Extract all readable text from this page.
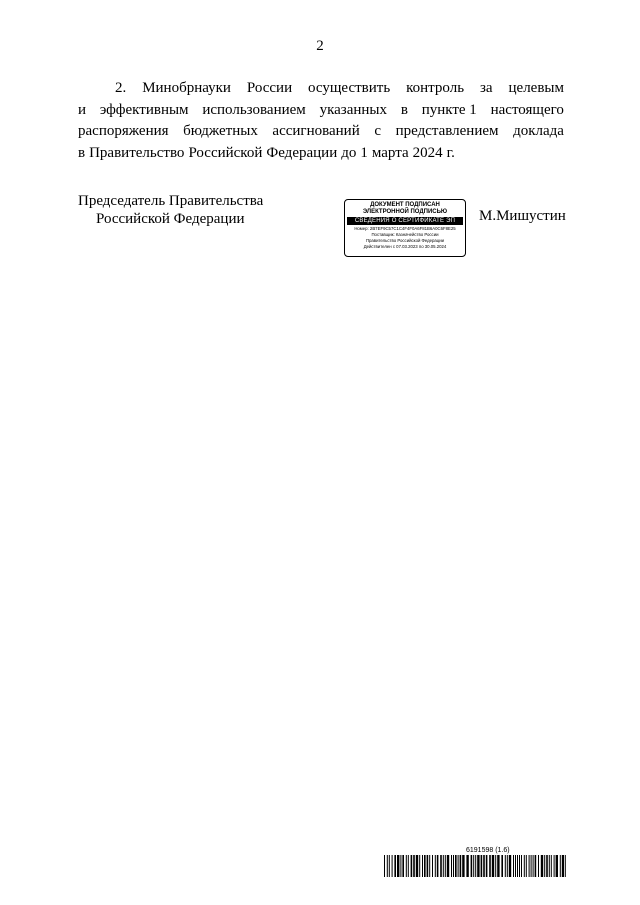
2
2. Минобрнауки России осуществить контроль за целевым
и эффективным использованием указанных в пункте 1 настоящего
распоряжения бюджетных ассигнований с представлением доклада
в Правительство Российской Федерации до 1 марта 2024 г.
Председатель Правительства
Российской Федерации
ДОКУМЕНТ ПОДПИСАН
ЭЛЕКТРОННОЙ ПОДПИСЬЮ
СВЕДЕНИЯ О СЕРТИФИКАТЕ ЭП
Номер: 2B7EF9C57C1C4F4F0A6F81B6A0C6F8E25
Поставщик: Казначейство России
Правительство Российской Федерации
Действителен с 07.03.2023 по 30.05.2024
М.Мишустин
6191598 (1.6)
